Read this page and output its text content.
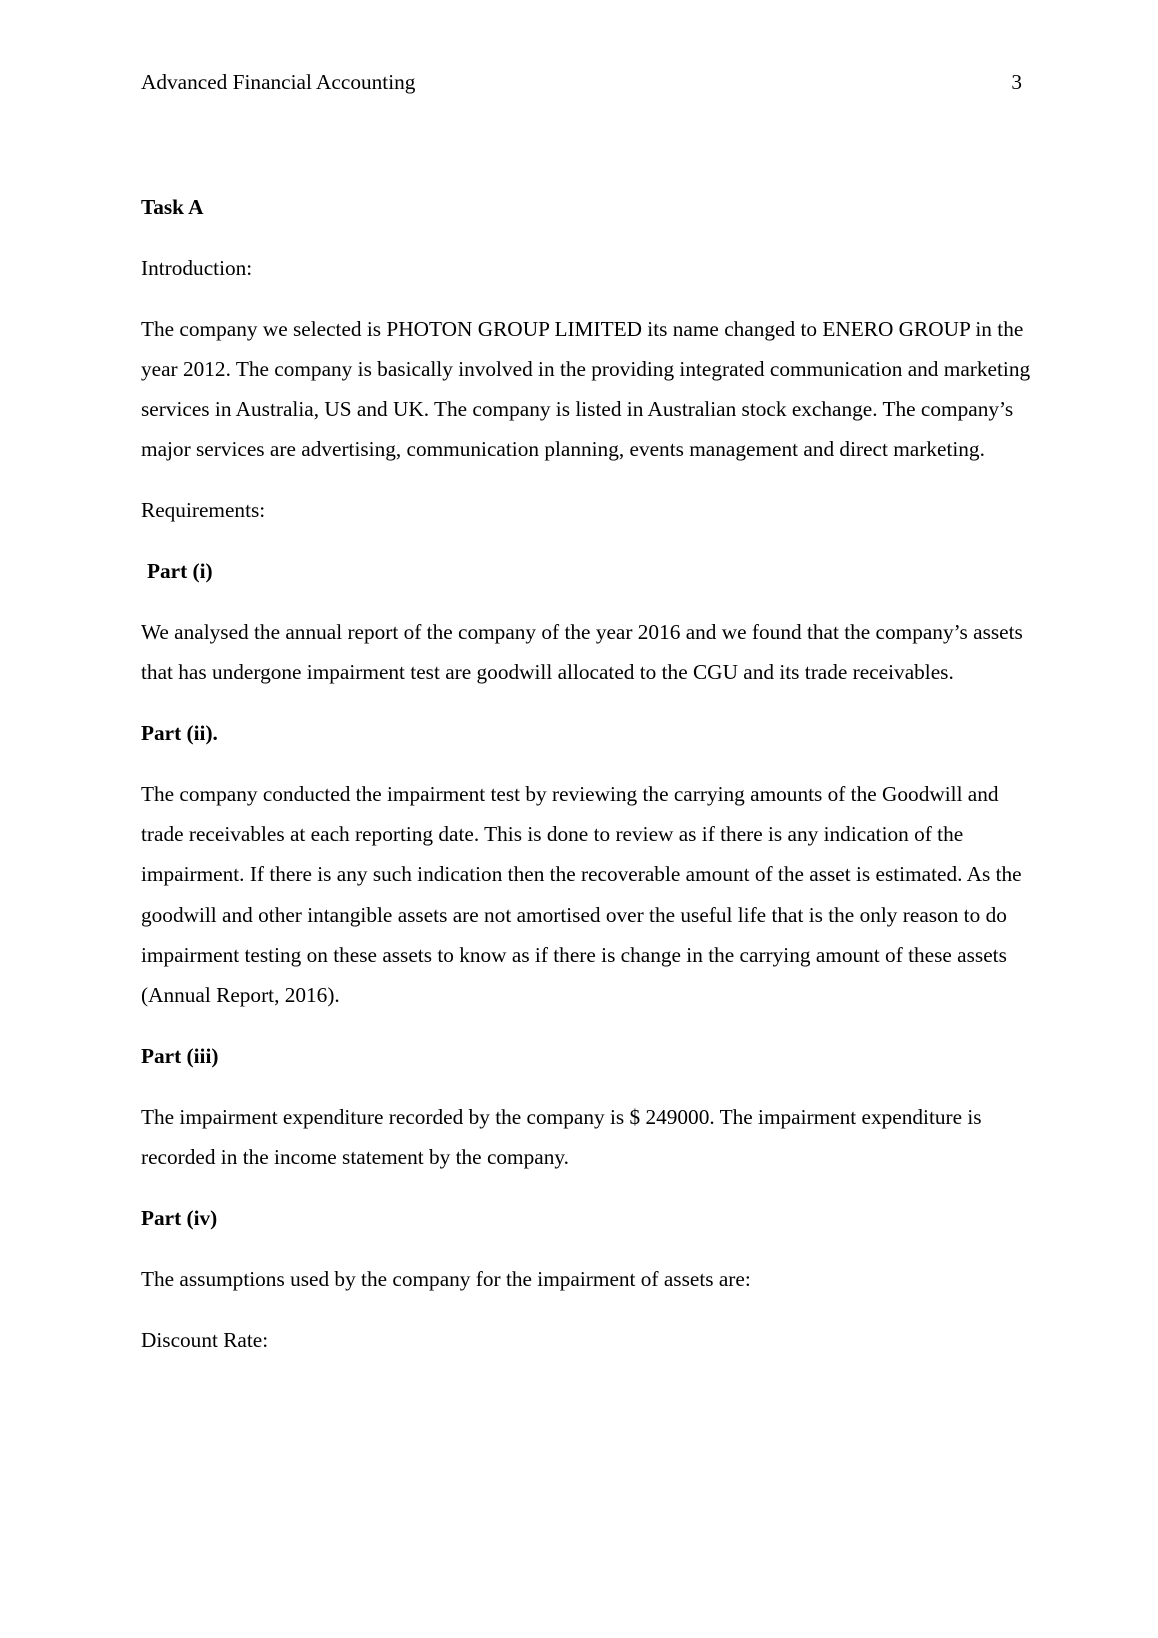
Advanced Financial Accounting	3

Task A

Introduction:

The company we selected is PHOTON GROUP LIMITED its name changed to ENERO GROUP in the year 2012. The company is basically involved in the providing integrated communication and marketing services in Australia, US and UK. The company is listed in Australian stock exchange. The company’s major services are advertising, communication planning, events management and direct marketing.

Requirements:

Part (i)

We analysed the annual report of the company of the year 2016 and we found that the company’s assets that has undergone impairment test are goodwill allocated to the CGU and its trade receivables.

Part (ii).

The company conducted the impairment test by reviewing the carrying amounts of the Goodwill and trade receivables at each reporting date. This is done to review as if there is any indication of the impairment. If there is any such indication then the recoverable amount of the asset is estimated. As the goodwill and other intangible assets are not amortised over the useful life that is the only reason to do impairment testing on these assets to know as if there is change in the carrying amount of these assets (Annual Report, 2016).

Part (iii)

The impairment expenditure recorded by the company is $ 249000. The impairment expenditure is recorded in the income statement by the company.

Part (iv)

The assumptions used by the company for the impairment of assets are:

Discount Rate:
